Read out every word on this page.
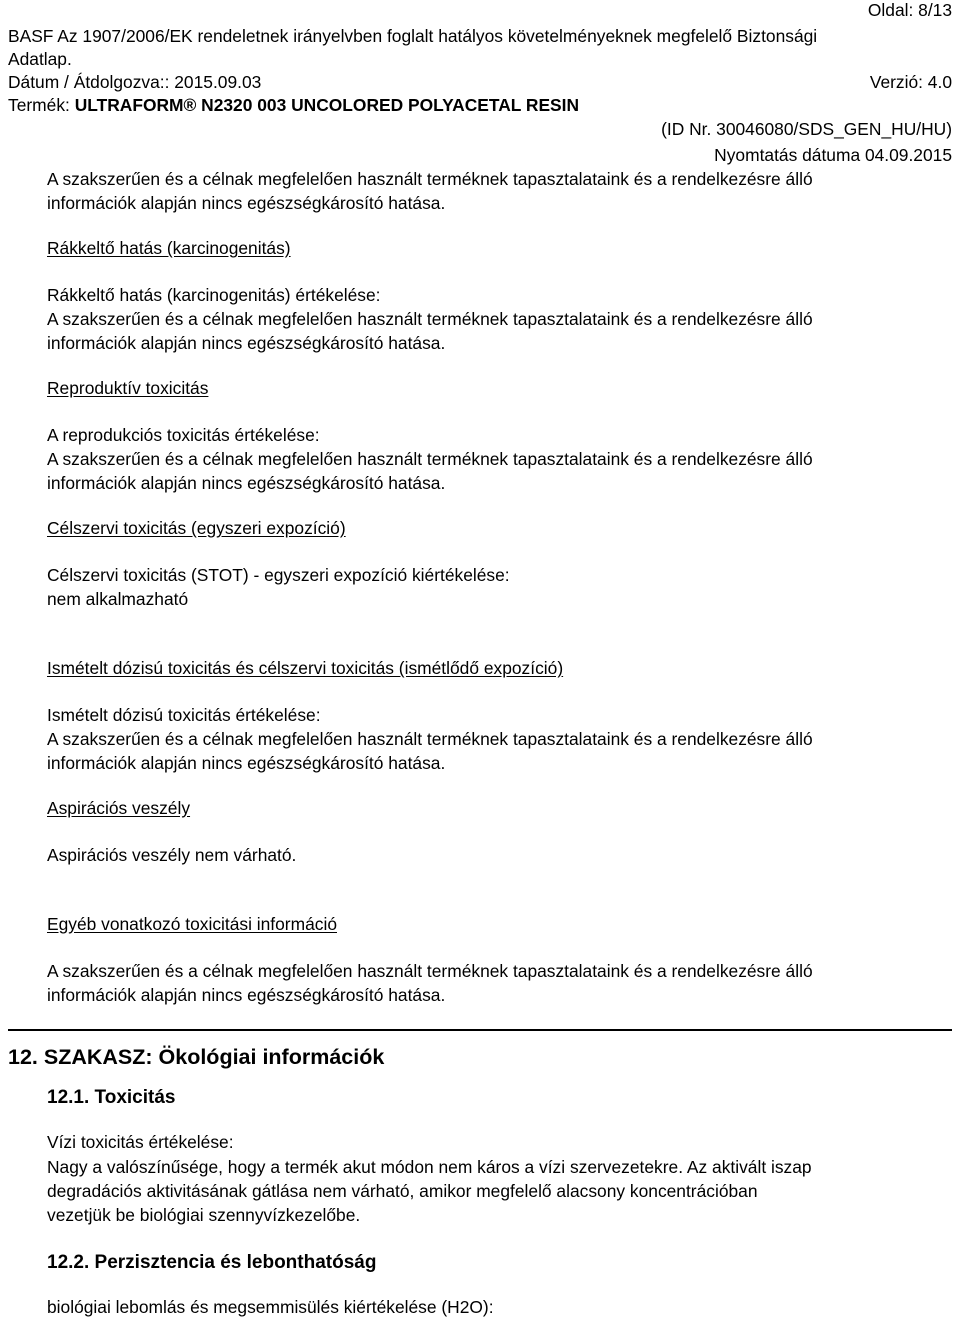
Oldal: 8/13
BASF Az 1907/2006/EK rendeletnek irányelvben foglalt hatályos követelményeknek megfelelő Biztonsági
Adatlap.
Dátum / Átdolgozva:: 2015.09.03	Verzió: 4.0
Termék: ULTRAFORM® N2320 003 UNCOLORED POLYACETAL RESIN
(ID Nr. 30046080/SDS_GEN_HU/HU)
Nyomtatás dátuma 04.09.2015
A szakszerűen és a célnak megfelelően használt terméknek tapasztalataink és a rendelkezésre álló
információk alapján nincs egészségkárosító hatása.
Rákkeltő hatás (karcinogenitás)
Rákkeltő hatás (karcinogenitás) értékelése:
A szakszerűen és a célnak megfelelően használt terméknek tapasztalataink és a rendelkezésre álló
információk alapján nincs egészségkárosító hatása.
Reproduktív toxicitás
A reprodukciós toxicitás értékelése:
A szakszerűen és a célnak megfelelően használt terméknek tapasztalataink és a rendelkezésre álló
információk alapján nincs egészségkárosító hatása.
Célszervi toxicitás (egyszeri expozíció)
Célszervi toxicitás (STOT) - egyszeri expozíció kiértékelése:
nem alkalmazható
Ismételt dózisú toxicitás és célszervi toxicitás (ismétlődő expozíció)
Ismételt dózisú toxicitás értékelése:
A szakszerűen és a célnak megfelelően használt terméknek tapasztalataink és a rendelkezésre álló
információk alapján nincs egészségkárosító hatása.
Aspirációs veszély
Aspirációs veszély nem várható.
Egyéb vonatkozó toxicitási információ
A szakszerűen és a célnak megfelelően használt terméknek tapasztalataink és a rendelkezésre álló
információk alapján nincs egészségkárosító hatása.
12. SZAKASZ: Ökológiai információk
12.1. Toxicitás
Vízi toxicitás értékelése:
Nagy a valószínűsége, hogy a termék akut módon nem káros a vízi szervezetekre. Az aktivált iszap
degradációs aktivitásának gátlása nem várható, amikor megfelelő alacsony koncentrációban
vezetjük be biológiai szennyvízkezelőbe.
12.2. Perzisztencia és lebonthatóság
biológiai lebomlás és megsemmisülés kiértékelése (H2O):
